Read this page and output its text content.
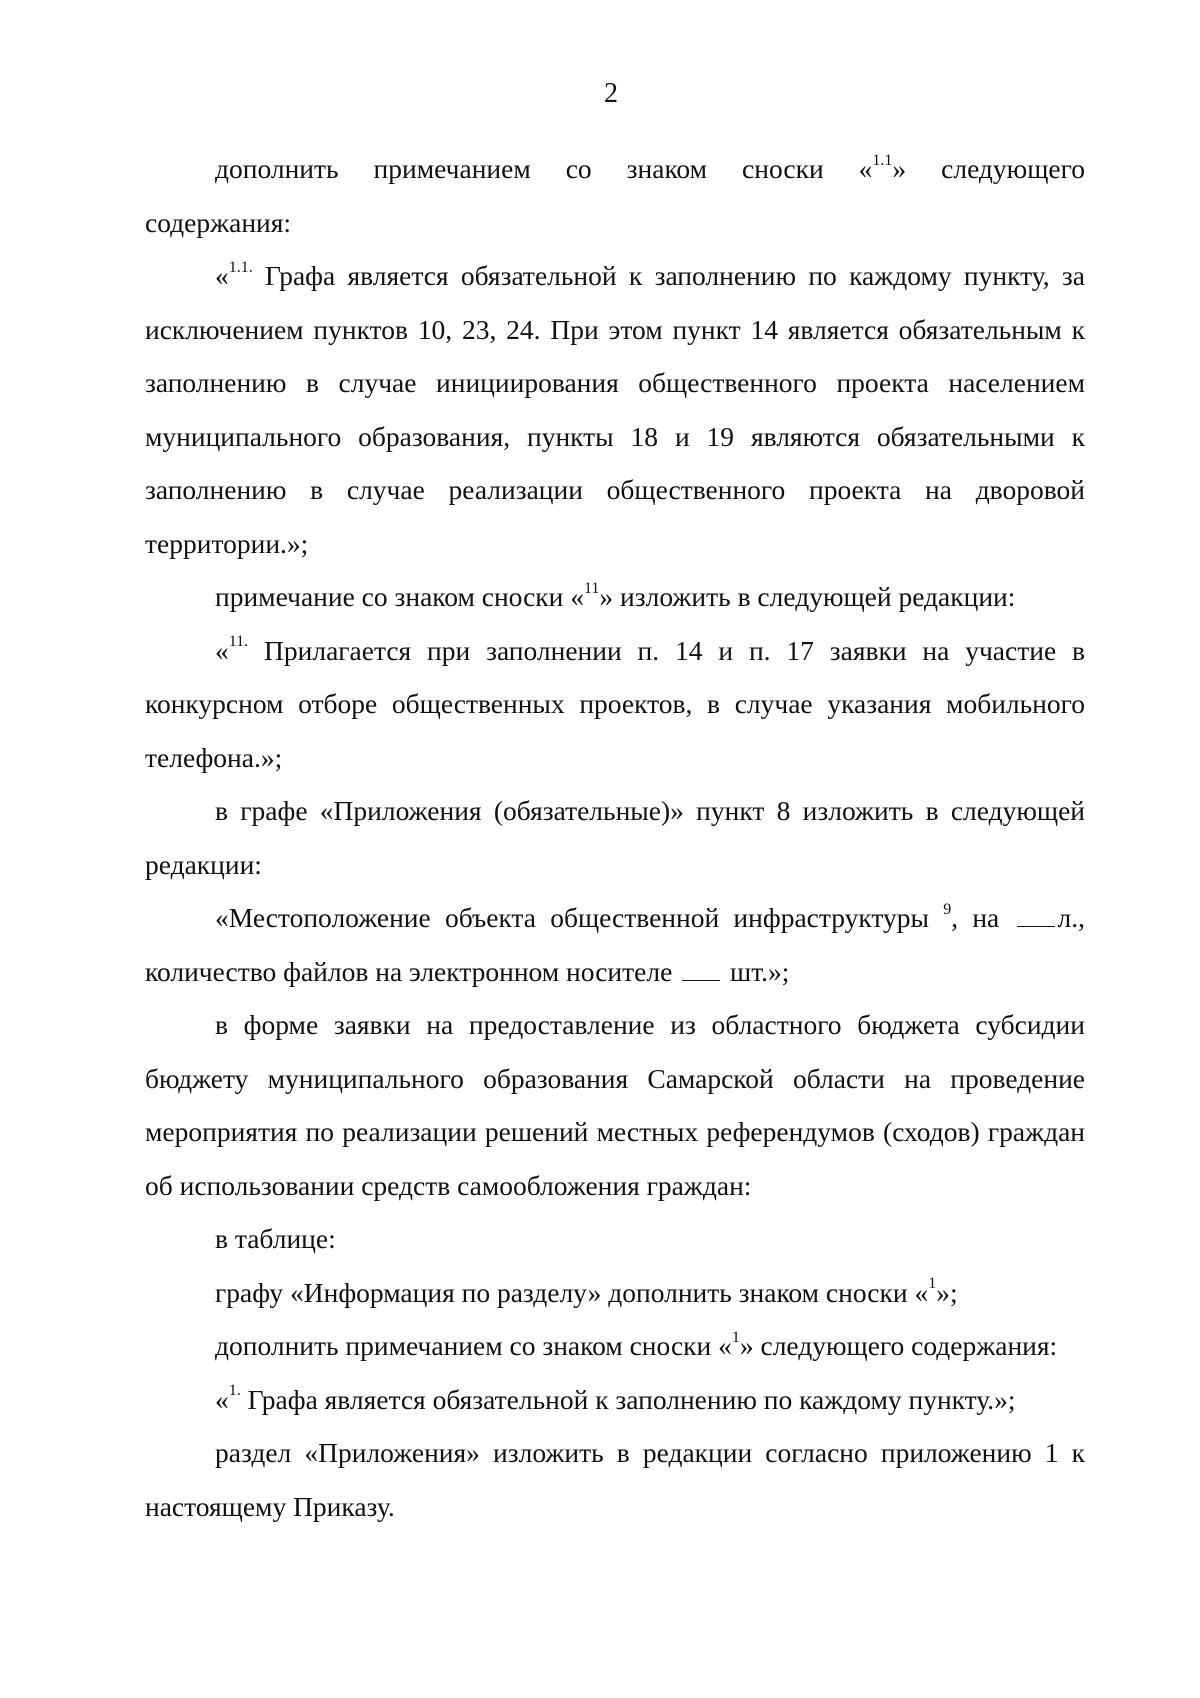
2
дополнить примечанием со знаком сноски «$^{1.1}$» следующего

содержания:

«$^{1.1.}$ Графа является обязательной к заполнению по каждому пункту, за исключением пунктов 10, 23, 24. При этом пункт 14 является обязательным к заполнению в случае инициирования общественного проекта населением муниципального образования, пункты 18 и 19 являются обязательными к заполнению в случае реализации общественного проекта на дворовой территории.»;

примечание со знаком сноски «$^{11}$» изложить в следующей редакции:

«$^{11.}$ Прилагается при заполнении п. 14 и п. 17 заявки на участие в конкурсном отборе общественных проектов, в случае указания мобильного телефона.»;

в графе «Приложения (обязательные)» пункт 8 изложить в следующей редакции:

«Местоположение объекта общественной инфраструктуры $^9$, на л., количество файлов на электронном носителе  шт.»;

в форме заявки на предоставление из областного бюджета субсидии бюджету муниципального образования Самарской области на проведение мероприятия по реализации решений местных референдумов (сходов) граждан об использовании средств самообложения граждан:

в таблице:

графу «Информация по разделу» дополнить знаком сноски «$^1$»;

дополнить примечанием со знаком сноски «$^1$» следующего содержания:

«$^{1.}$ Графа является обязательной к заполнению по каждому пункту.»;

раздел «Приложения» изложить в редакции согласно приложению 1 к настоящему Приказу.
